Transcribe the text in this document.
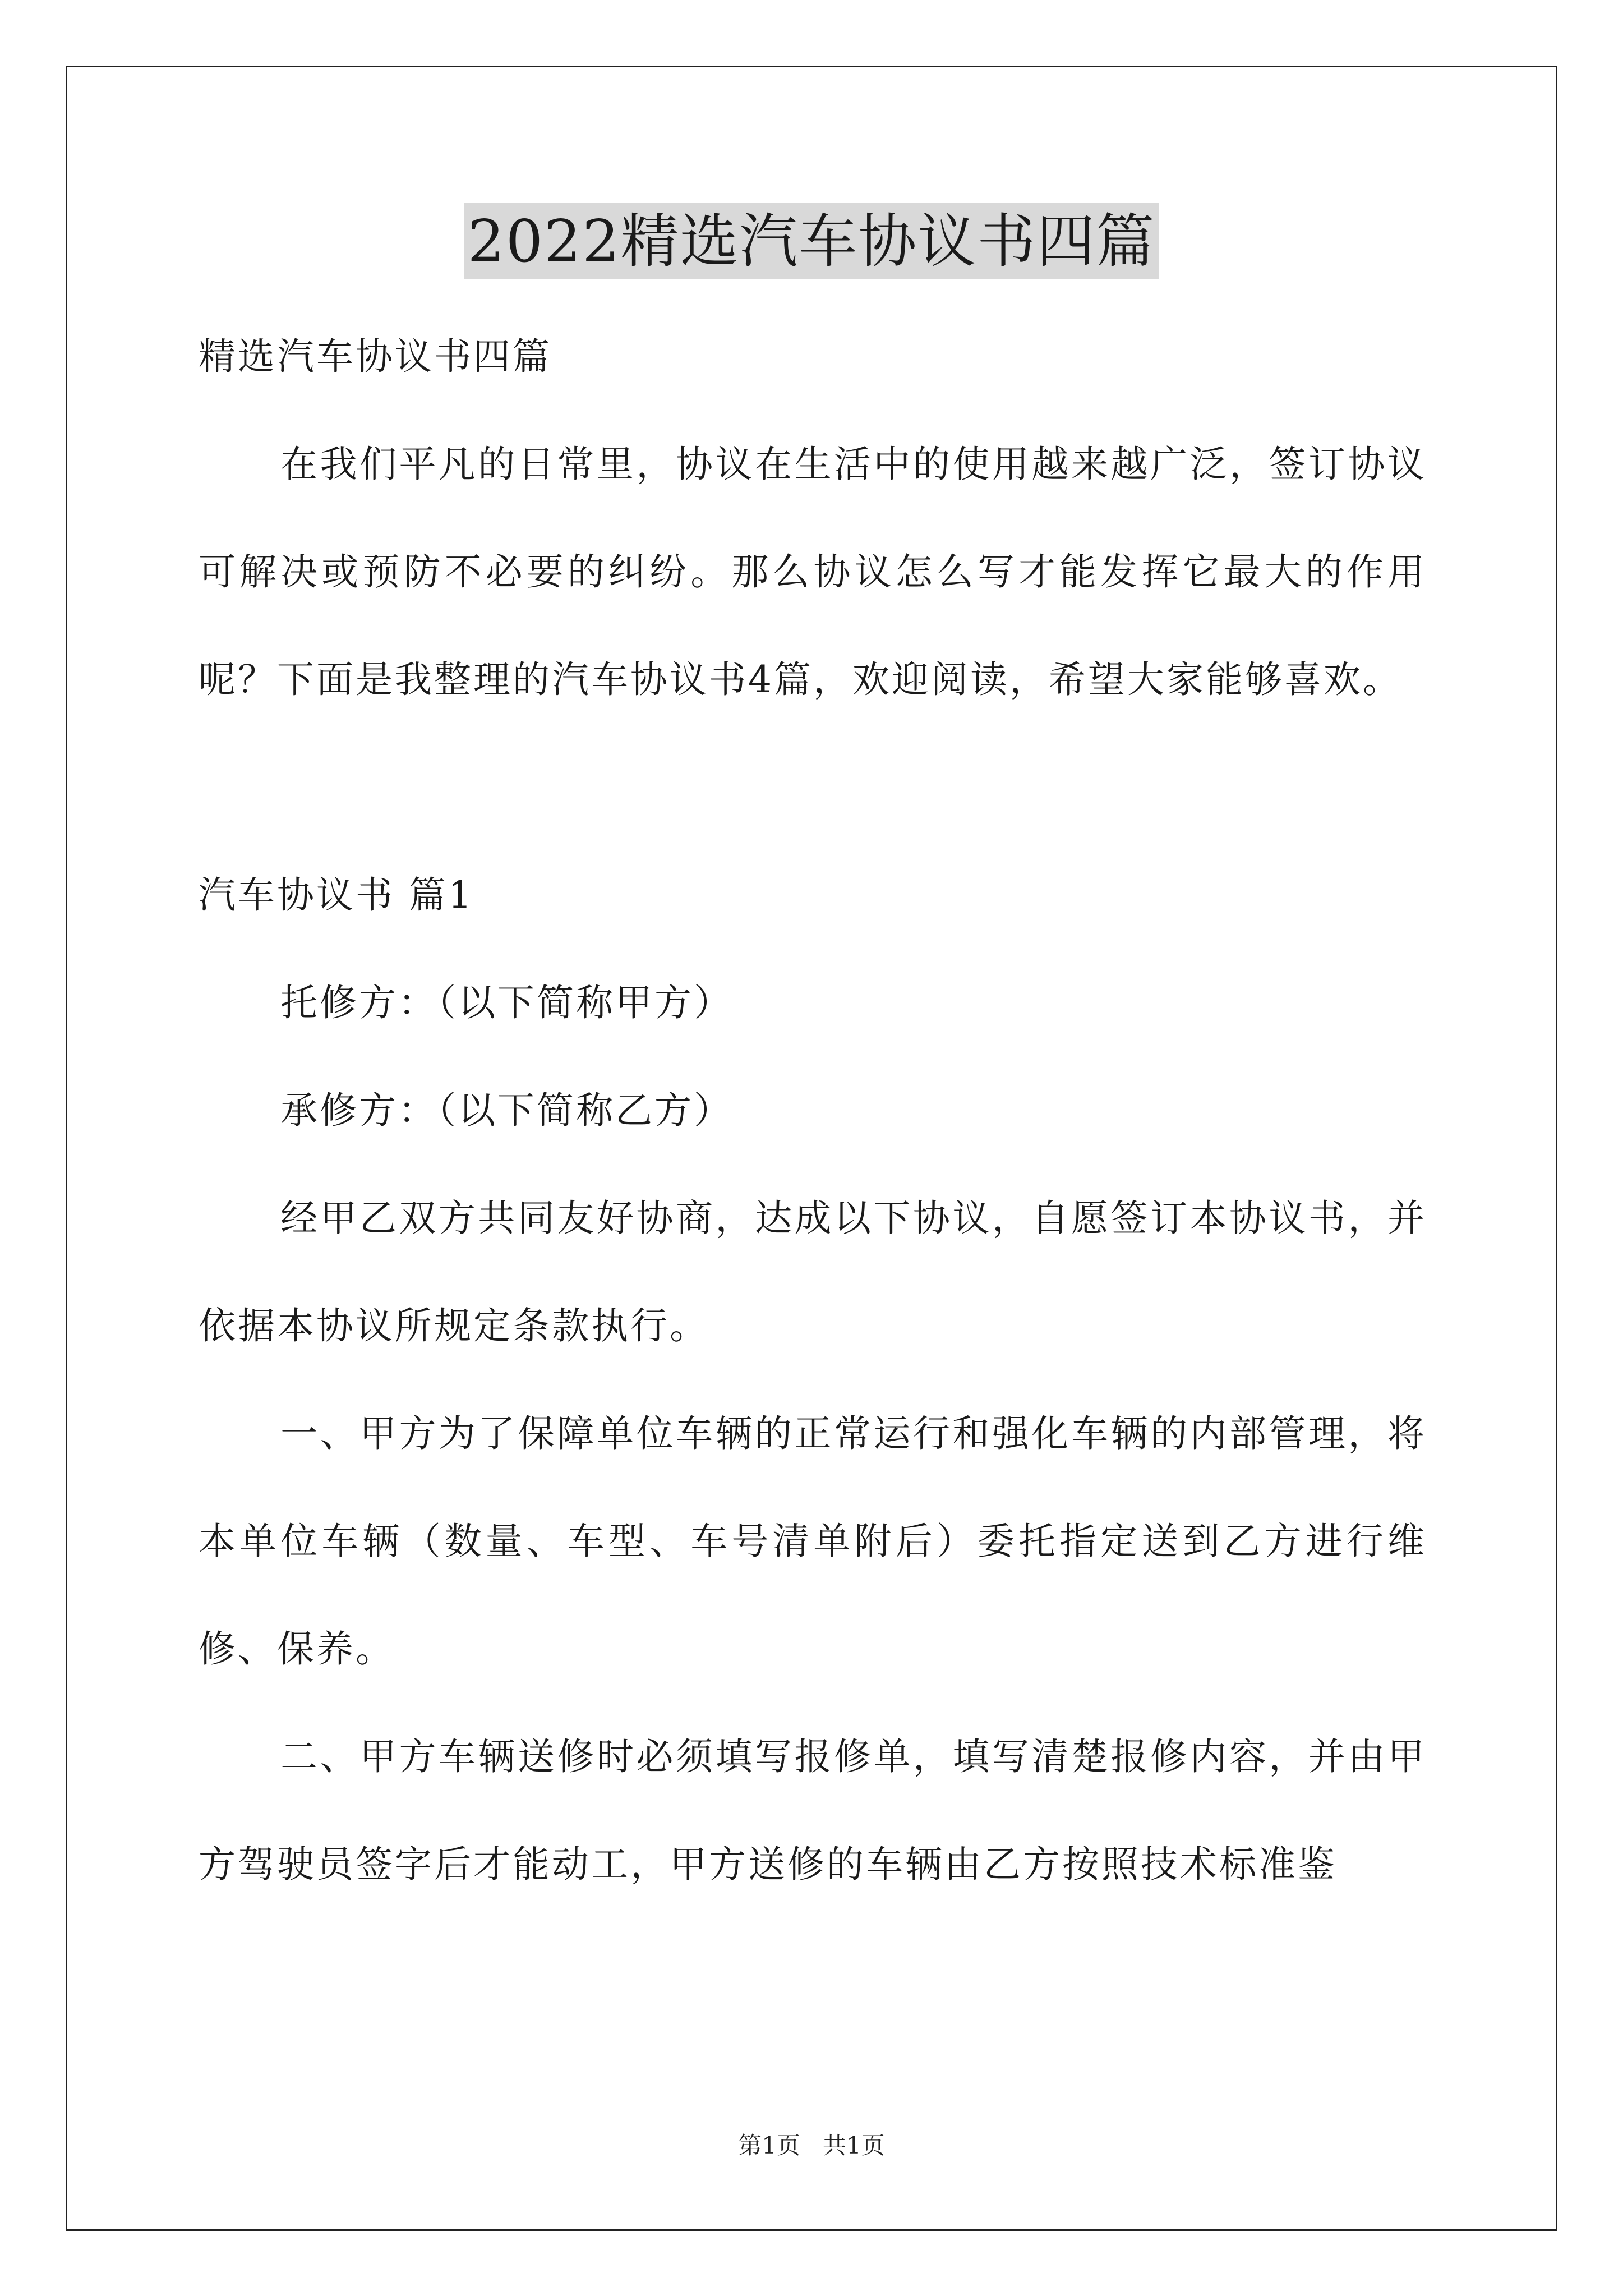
2022精选汽车协议书四篇

精选汽车协议书四篇

在我们平凡的日常里，协议在生活中的使用越来越广泛，签订协议可解决或预防不必要的纠纷。那么协议怎么写才能发挥它最大的作用呢？下面是我整理的汽车协议书4篇，欢迎阅读，希望大家能够喜欢。

汽车协议书 篇1

托修方：（以下简称甲方）

承修方：（以下简称乙方）

经甲乙双方共同友好协商，达成以下协议，自愿签订本协议书，并依据本协议所规定条款执行。

一、甲方为了保障单位车辆的正常运行和强化车辆的内部管理，将本单位车辆（数量、车型、车号清单附后）委托指定送到乙方进行维修、保养。

二、甲方车辆送修时必须填写报修单，填写清楚报修内容，并由甲方驾驶员签字后才能动工，甲方送修的车辆由乙方按照技术标准鉴

第1页 共1页
